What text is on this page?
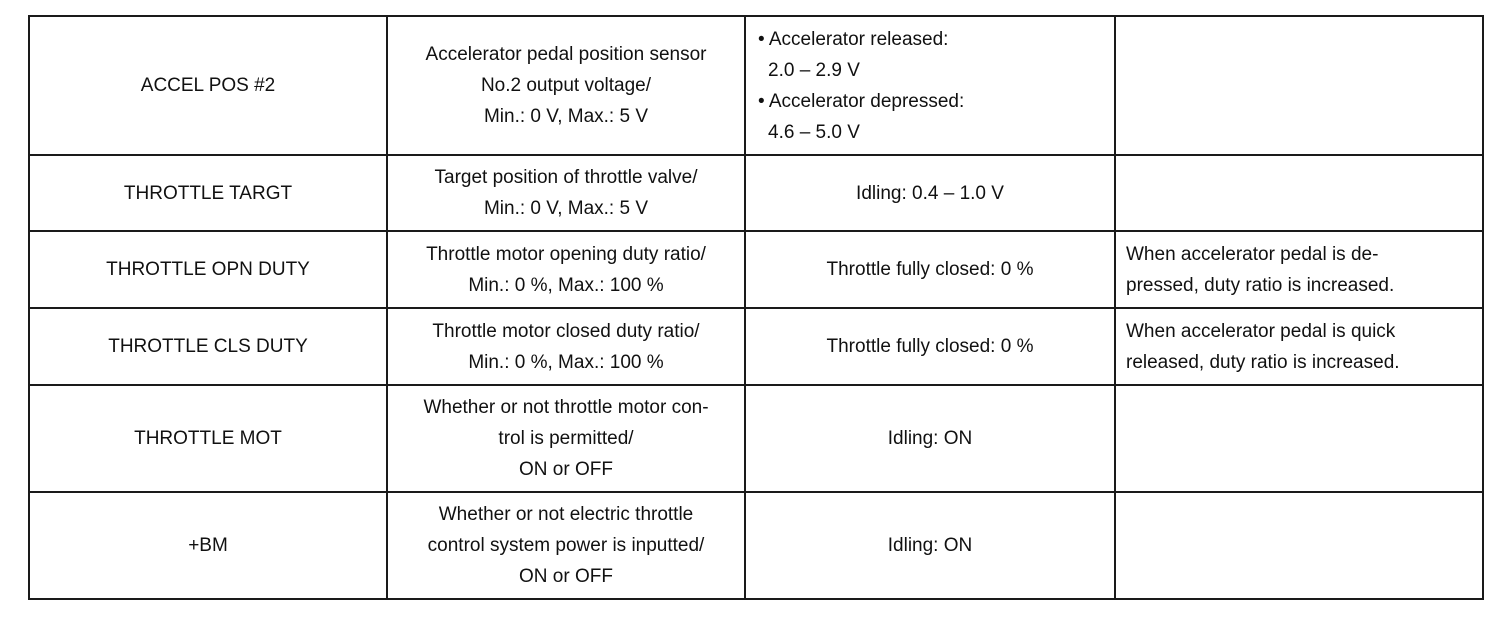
ACCEL POS #2	Accelerator pedal position sensor
No.2 output voltage/
Min.: 0 V, Max.: 5 V	• Accelerator released:
2.0 – 2.9 V
• Accelerator depressed:
4.6 – 5.0 V	

THROTTLE TARGT	Target position of throttle valve/
Min.: 0 V, Max.: 5 V	Idling: 0.4 – 1.0 V	

THROTTLE OPN DUTY	Throttle motor opening duty ratio/
Min.: 0 %, Max.: 100 %	Throttle fully closed: 0 %	When accelerator pedal is de-
pressed, duty ratio is increased.

THROTTLE CLS DUTY	Throttle motor closed duty ratio/
Min.: 0 %, Max.: 100 %	Throttle fully closed: 0 %	When accelerator pedal is quick
released, duty ratio is increased.

THROTTLE MOT	Whether or not throttle motor con-
trol is permitted/
ON or OFF	Idling: ON	

+BM	Whether or not electric throttle
control system power is inputted/
ON or OFF	Idling: ON	
